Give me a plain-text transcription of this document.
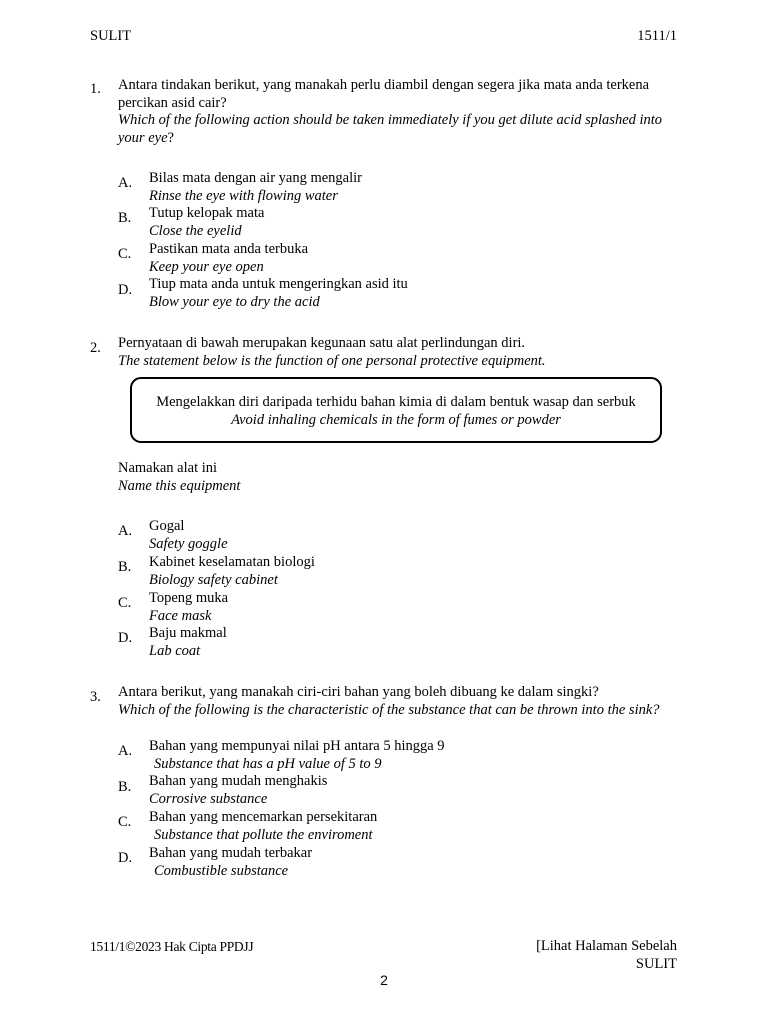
SULIT	1511/1
1. Antara tindakan berikut, yang manakah perlu diambil dengan segera jika mata anda terkena percikan asid cair?
Which of the following action should be taken immediately if you get dilute acid splashed into your eye?
A. Bilas mata dengan air yang mengalir
Rinse the eye with flowing water
B. Tutup kelopak mata
Close the eyelid
C. Pastikan mata anda terbuka
Keep your eye open
D. Tiup mata anda untuk mengeringkan asid itu
Blow your eye to dry the acid
2. Pernyataan di bawah merupakan kegunaan satu alat perlindungan diri.
The statement below is the function of one personal protective equipment.
Mengelakkan diri daripada terhidu bahan kimia di dalam bentuk wasap dan serbuk
Avoid inhaling chemicals in the form of fumes or powder
Namakan alat ini
Name this equipment
A. Gogal
Safety goggle
B. Kabinet keselamatan biologi
Biology safety cabinet
C. Topeng muka
Face mask
D. Baju makmal
Lab coat
3. Antara berikut, yang manakah ciri-ciri bahan yang boleh dibuang ke dalam singki?
Which of the following is the characteristic of the substance that can be thrown into the sink?
A. Bahan yang mempunyai nilai pH antara 5 hingga 9
Substance that has a pH value of 5 to 9
B. Bahan yang mudah menghakis
Corrosive substance
C. Bahan yang mencemarkan persekitaran
Substance that pollute the enviroment
D. Bahan yang mudah terbakar
Combustible substance
1511/1©2023 Hak Cipta PPDJJ	[Lihat Halaman Sebelah
SULIT
2
